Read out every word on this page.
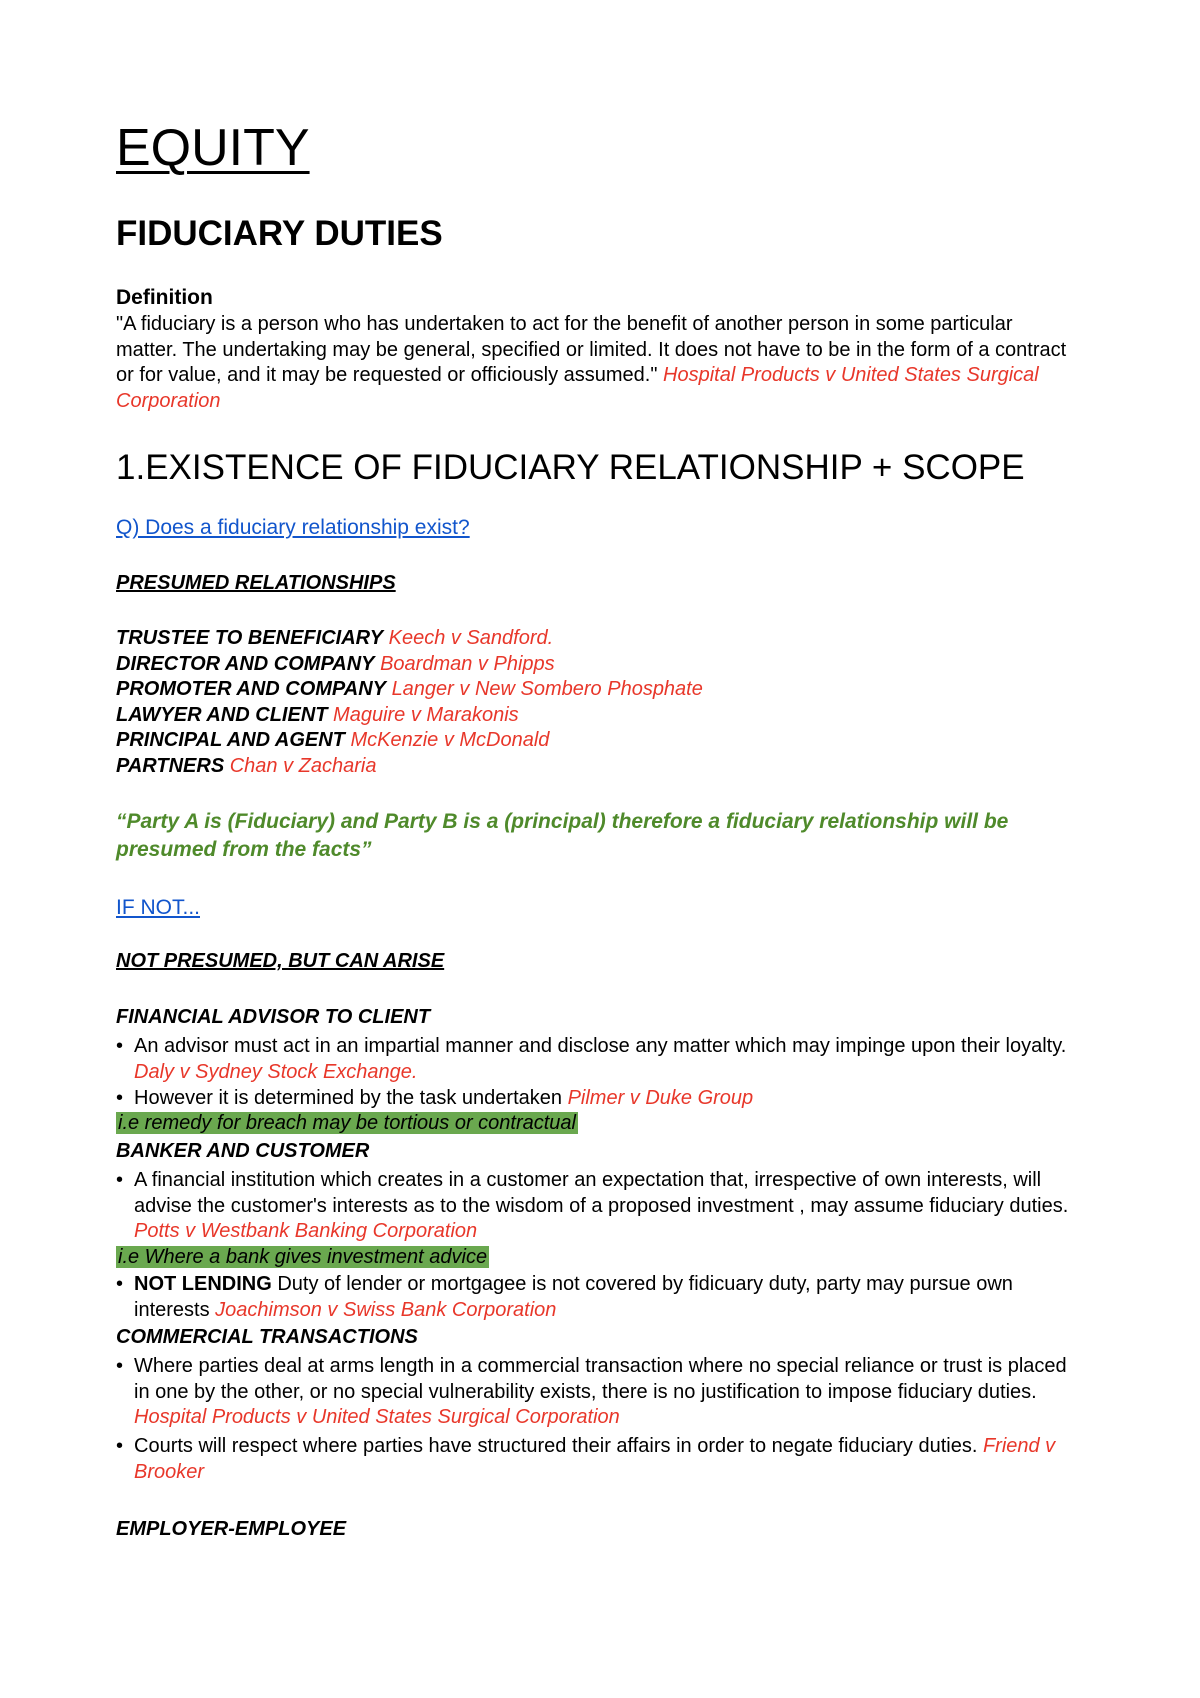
EQUITY
FIDUCIARY DUTIES
Definition
"A fiduciary is a person who has undertaken to act for the benefit of another person in some particular matter. The undertaking may be general, specified or limited. It does not have to be in the form of a contract or for value, and it may be requested or officiously assumed." Hospital Products v United States Surgical Corporation
1.EXISTENCE OF FIDUCIARY RELATIONSHIP + SCOPE
Q) Does a fiduciary relationship exist?
PRESUMED RELATIONSHIPS
TRUSTEE TO BENEFICIARY Keech v Sandford.
DIRECTOR AND COMPANY Boardman v Phipps
PROMOTER AND COMPANY Langer v New Sombero Phosphate
LAWYER AND CLIENT Maguire v Marakonis
PRINCIPAL AND AGENT McKenzie v McDonald
PARTNERS Chan v Zacharia
“Party A is (Fiduciary) and Party B is a (principal) therefore a fiduciary relationship will be presumed from the facts”
IF NOT...
NOT PRESUMED, BUT CAN ARISE
FINANCIAL ADVISOR TO CLIENT
• An advisor must act in an impartial manner and disclose any matter which may impinge upon their loyalty. Daly v Sydney Stock Exchange.
• However it is determined by the task undertaken Pilmer v Duke Group
i.e remedy for breach may be tortious or contractual
BANKER AND CUSTOMER
• A financial institution which creates in a customer an expectation that, irrespective of own interests, will advise the customer's interests as to the wisdom of a proposed investment , may assume fiduciary duties. Potts v Westbank Banking Corporation
i.e Where a bank gives investment advice
• NOT LENDING Duty of lender or mortgagee is not covered by fidicuary duty, party may pursue own interests Joachimson v Swiss Bank Corporation
COMMERCIAL TRANSACTIONS
• Where parties deal at arms length in a commercial transaction where no special reliance or trust is placed in one by the other, or no special vulnerability exists, there is no justification to impose fiduciary duties. Hospital Products v United States Surgical Corporation
• Courts will respect where parties have structured their affairs in order to negate fiduciary duties. Friend v Brooker
EMPLOYER-EMPLOYEE
